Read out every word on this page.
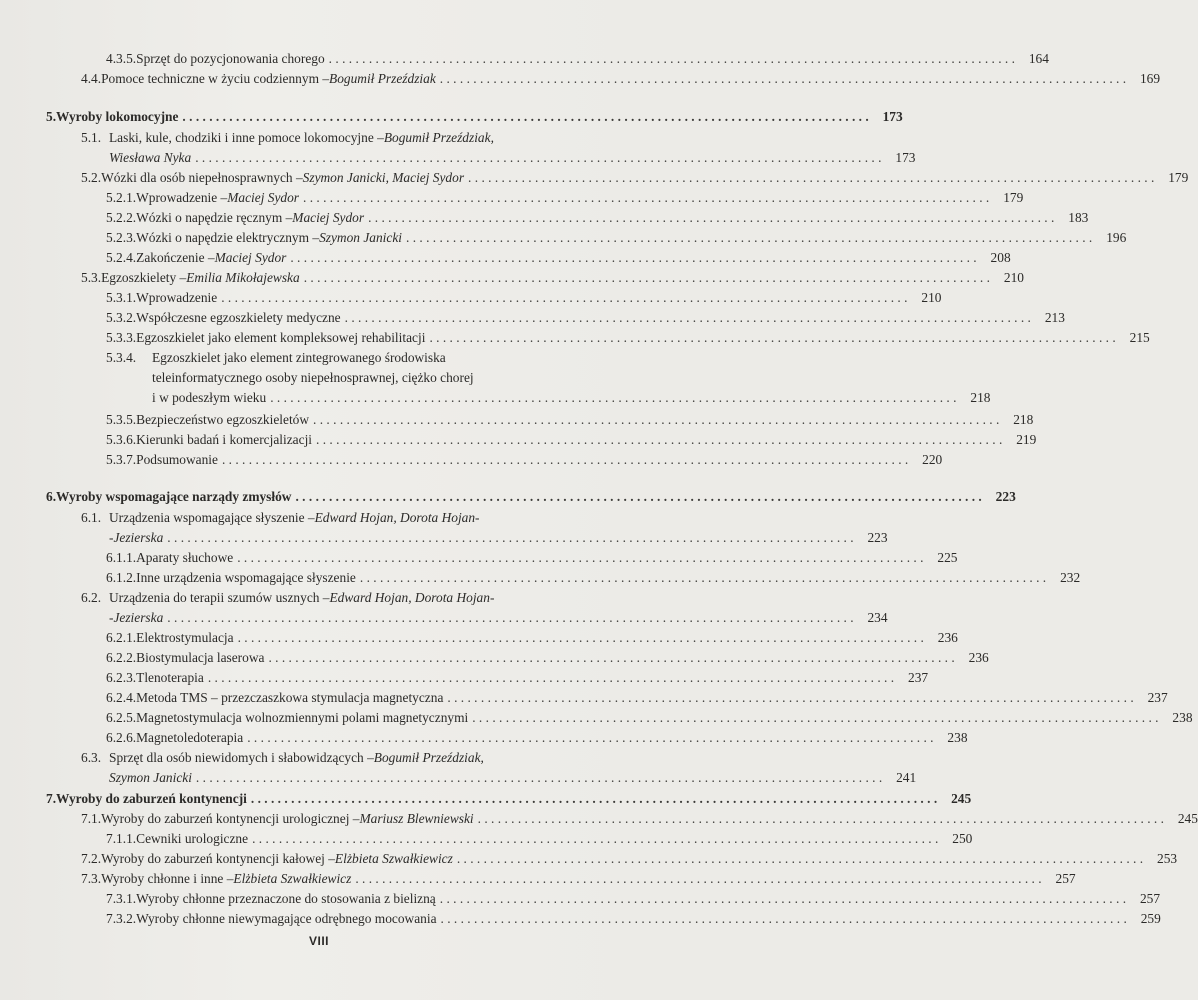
4.3.5. Sprzęt do pozycjonowania chorego . . .	164
4.4. Pomoce techniczne w życiu codziennym – Bogumił Przeździak . . .	169
5. Wyroby lokomocyjne . . .	173
5.1. Laski, kule, chodziki i inne pomoce lokomocyjne – Bogumił Przeździak,
Wiesława Nyka . . .	173
5.2. Wózki dla osób niepełnosprawnych – Szymon Janicki, Maciej Sydor . . .	179
5.2.1. Wprowadzenie – Maciej Sydor . . .	179
5.2.2. Wózki o napędzie ręcznym – Maciej Sydor . . .	183
5.2.3. Wózki o napędzie elektrycznym – Szymon Janicki . . .	196
5.2.4. Zakończenie – Maciej Sydor . . .	208
5.3. Egzoszkielety – Emilia Mikołajewska . . .	210
5.3.1. Wprowadzenie . . .	210
5.3.2. Współczesne egzoszkielety medyczne . . .	213
5.3.3. Egzoszkielet jako element kompleksowej rehabilitacji . . .	215
5.3.4.	Egzoszkielet jako element zintegrowanego środowiska
teleinformatycznego osoby niepełnosprawnej, ciężko chorej
i w podeszłym wieku . . .	218
5.3.5. Bezpieczeństwo egzoszkieletów . . .	218
5.3.6. Kierunki badań i komercjalizacji . . .	219
5.3.7. Podsumowanie . . .	220
6. Wyroby wspomagające narządy zmysłów . . .	223
6.1. Urządzenia wspomagające słyszenie – Edward Hojan, Dorota Hojan-
-Jezierska . . .	223
6.1.1. Aparaty słuchowe . . .	225
6.1.2. Inne urządzenia wspomagające słyszenie . . .	232
6.2. Urządzenia do terapii szumów usznych – Edward Hojan, Dorota Hojan-
-Jezierska . . .	234
6.2.1. Elektrostymulacja . . .	236
6.2.2. Biostymulacja laserowa . . .	236
6.2.3. Tlenoterapia . . .	237
6.2.4. Metoda TMS – przezczaszkowa stymulacja magnetyczna . . .	237
6.2.5. Magnetostymulacja wolnozmiennymi polami magnetycznymi . . .	238
6.2.6. Magnetoledoterapia . . .	238
6.3. Sprzęt dla osób niewidomych i słabowidzących – Bogumił Przeździak,
Szymon Janicki . . .	241
7. Wyroby do zaburzeń kontynencji . . .	245
7.1. Wyroby do zaburzeń kontynencji urologicznej – Mariusz Blewniewski . . .	245
7.1.1. Cewniki urologiczne . . .	250
7.2. Wyroby do zaburzeń kontynencji kałowej – Elżbieta Szwałkiewicz . . .	253
7.3. Wyroby chłonne i inne – Elżbieta Szwałkiewicz . . .	257
7.3.1. Wyroby chłonne przeznaczone do stosowania z bielizną . . .	257
7.3.2. Wyroby chłonne niewymagające odrębnego mocowania . . .	259
VIII
